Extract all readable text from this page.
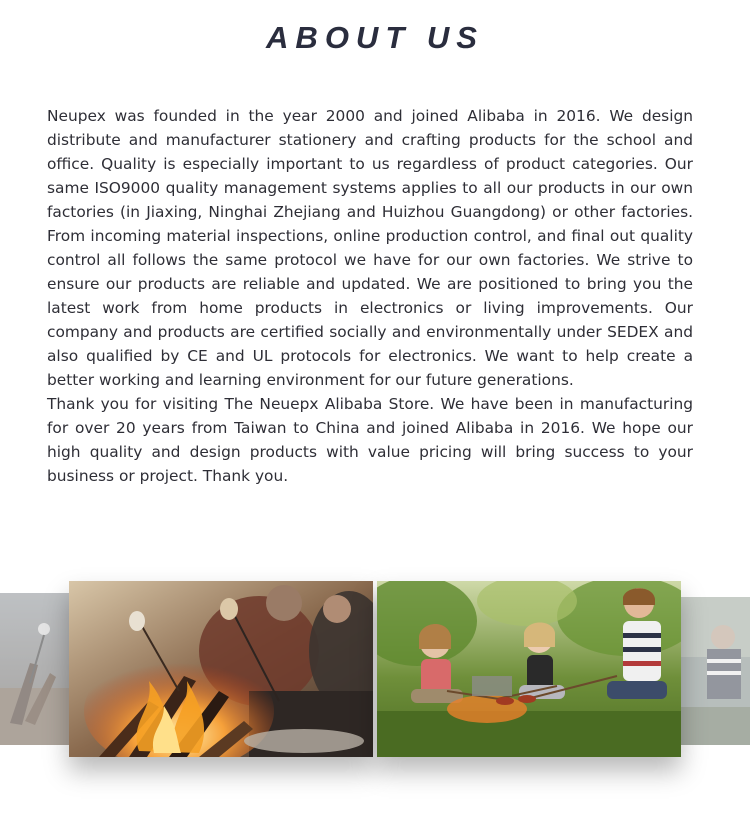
ABOUT US

Neupex was founded in the year 2000 and joined Alibaba in 2016. We design distribute and manufacturer stationery and crafting products for the school and office. Quality is especially important to us regardless of product categories. Our same ISO9000 quality management systems applies to all our products in our own factories (in Jiaxing, Ninghai Zhejiang and Huizhou Guangdong) or other factories. From incoming material inspections, online production control, and final out quality control all follows the same protocol we have for our own factories. We strive to ensure our products are reliable and updated. We are positioned to bring you the latest work from home products in electronics or living improvements. Our company and products are certified socially and environmentally under SEDEX and also qualified by CE and UL protocols for electronics. We want to help create a better working and learning environment for our future generations.

Thank you for visiting The Neuepx Alibaba Store. We have been in manufacturing for over 20 years from Taiwan to China and joined Alibaba in 2016. We hope our high quality and design products with value pricing will bring success to your business or project. Thank you.
